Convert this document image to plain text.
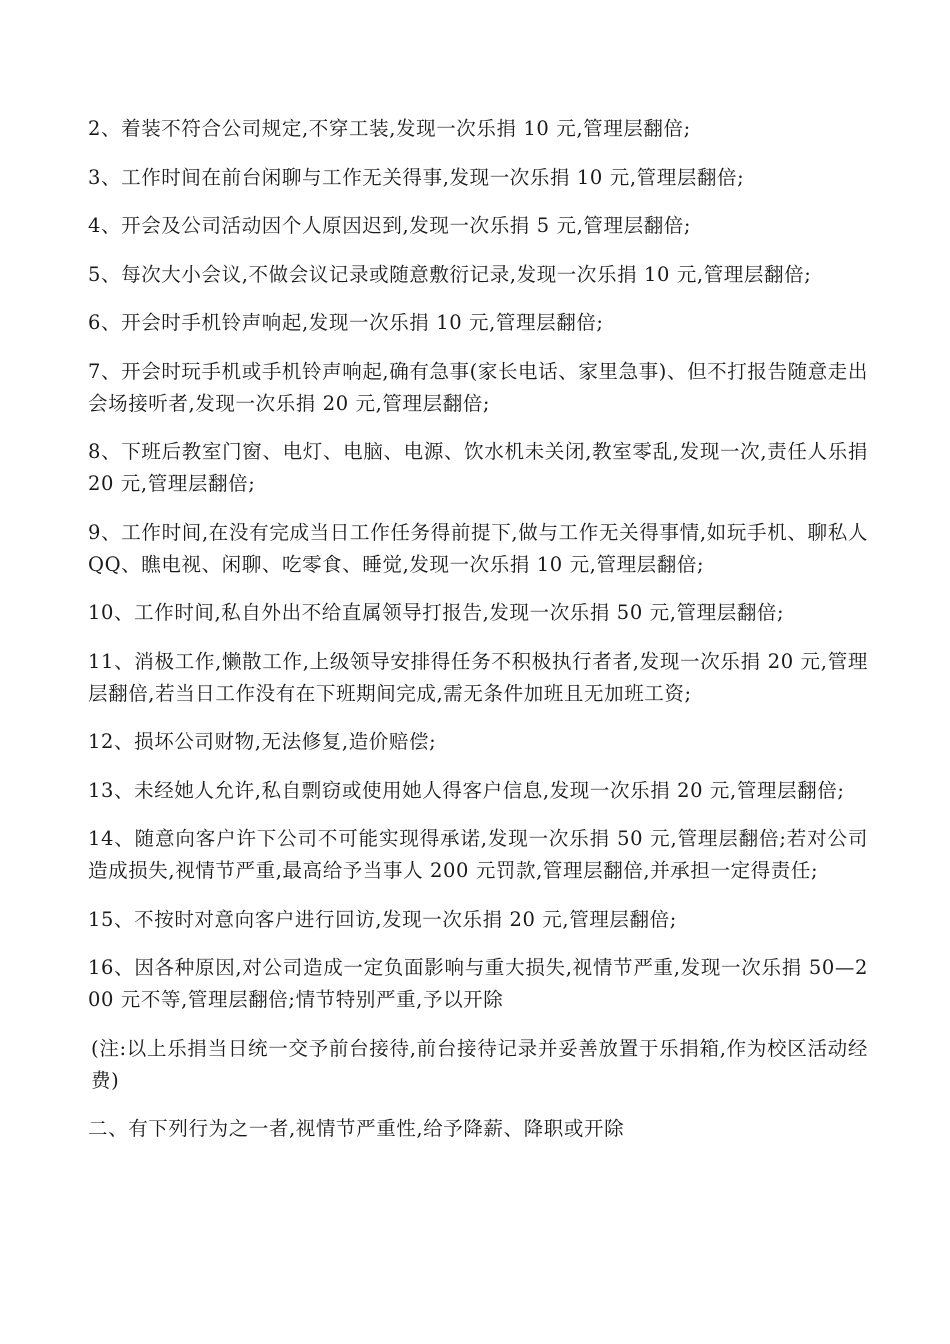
2、着装不符合公司规定,不穿工装,发现一次乐捐 10 元,管理层翻倍;

3、工作时间在前台闲聊与工作无关得事,发现一次乐捐 10 元,管理层翻倍;

4、开会及公司活动因个人原因迟到,发现一次乐捐 5 元,管理层翻倍;

5、每次大小会议,不做会议记录或随意敷衍记录,发现一次乐捐 10 元,管理层翻倍;

6、开会时手机铃声响起,发现一次乐捐 10 元,管理层翻倍;

7、开会时玩手机或手机铃声响起,确有急事(家长电话、家里急事)、但不打报告随意走出会场接听者,发现一次乐捐 20 元,管理层翻倍;

8、下班后教室门窗、电灯、电脑、电源、饮水机未关闭,教室零乱,发现一次,责任人乐捐 20 元,管理层翻倍;

9、工作时间,在没有完成当日工作任务得前提下,做与工作无关得事情,如玩手机、聊私人 QQ、瞧电视、闲聊、吃零食、睡觉,发现一次乐捐 10 元,管理层翻倍;

10、工作时间,私自外出不给直属领导打报告,发现一次乐捐 50 元,管理层翻倍;

11、消极工作,懒散工作,上级领导安排得任务不积极执行者者,发现一次乐捐 20 元,管理层翻倍,若当日工作没有在下班期间完成,需无条件加班且无加班工资;

12、损坏公司财物,无法修复,造价赔偿;

13、未经她人允许,私自剽窃或使用她人得客户信息,发现一次乐捐 20 元,管理层翻倍;

14、随意向客户许下公司不可能实现得承诺,发现一次乐捐 50 元,管理层翻倍;若对公司造成损失,视情节严重,最高给予当事人 200 元罚款,管理层翻倍,并承担一定得责任;

15、不按时对意向客户进行回访,发现一次乐捐 20 元,管理层翻倍;

16、因各种原因,对公司造成一定负面影响与重大损失,视情节严重,发现一次乐捐 50—200 元不等,管理层翻倍;情节特别严重,予以开除

(注:以上乐捐当日统一交予前台接待,前台接待记录并妥善放置于乐捐箱,作为校区活动经费)

二、有下列行为之一者,视情节严重性,给予降薪、降职或开除
